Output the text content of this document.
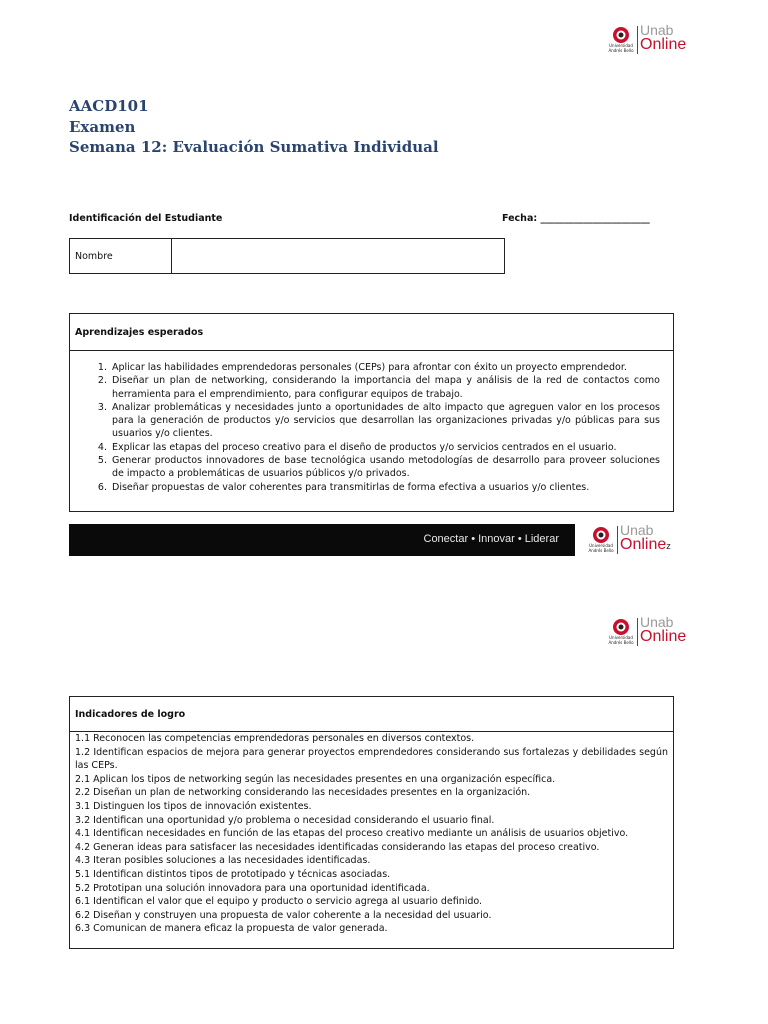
Universidad Andrés Bello
Unab
Online
AACD101
Examen
Semana 12: Evaluación Sumativa Individual
Identificación del Estudiante	Fecha: _______________________
Nombre
Aprendizajes esperados
1. Aplicar las habilidades emprendedoras personales (CEPs) para afrontar con éxito un proyecto emprendedor.
2. Diseñar un plan de networking, considerando la importancia del mapa y análisis de la red de contactos como herramienta para el emprendimiento, para configurar equipos de trabajo.
3. Analizar problemáticas y necesidades junto a oportunidades de alto impacto que agreguen valor en los procesos para la generación de productos y/o servicios que desarrollan las organizaciones privadas y/o públicas para sus usuarios y/o clientes.
4. Explicar las etapas del proceso creativo para el diseño de productos y/o servicios centrados en el usuario.
5. Generar productos innovadores de base tecnológica usando metodologías de desarrollo para proveer soluciones de impacto a problemáticas de usuarios públicos y/o privados.
6. Diseñar propuestas de valor coherentes para transmitirlas de forma efectiva a usuarios y/o clientes.
Conectar • Innovar • Liderar
Universidad Andrés Bello
Unab
Onlinez
Universidad Andrés Bello
Unab
Online
Indicadores de logro
1.1 Reconocen las competencias emprendedoras personales en diversos contextos.
1.2 Identifican espacios de mejora para generar proyectos emprendedores considerando sus fortalezas y debilidades según las CEPs.
2.1 Aplican los tipos de networking según las necesidades presentes en una organización específica.
2.2 Diseñan un plan de networking considerando las necesidades presentes en la organización.
3.1 Distinguen los tipos de innovación existentes.
3.2 Identifican una oportunidad y/o problema o necesidad considerando el usuario final.
4.1 Identifican necesidades en función de las etapas del proceso creativo mediante un análisis de usuarios objetivo.
4.2 Generan ideas para satisfacer las necesidades identificadas considerando las etapas del proceso creativo.
4.3 Iteran posibles soluciones a las necesidades identificadas.
5.1 Identifican distintos tipos de prototipado y técnicas asociadas.
5.2 Prototipan una solución innovadora para una oportunidad identificada.
6.1 Identifican el valor que el equipo y producto o servicio agrega al usuario definido.
6.2 Diseñan y construyen una propuesta de valor coherente a la necesidad del usuario.
6.3 Comunican de manera eficaz la propuesta de valor generada.
